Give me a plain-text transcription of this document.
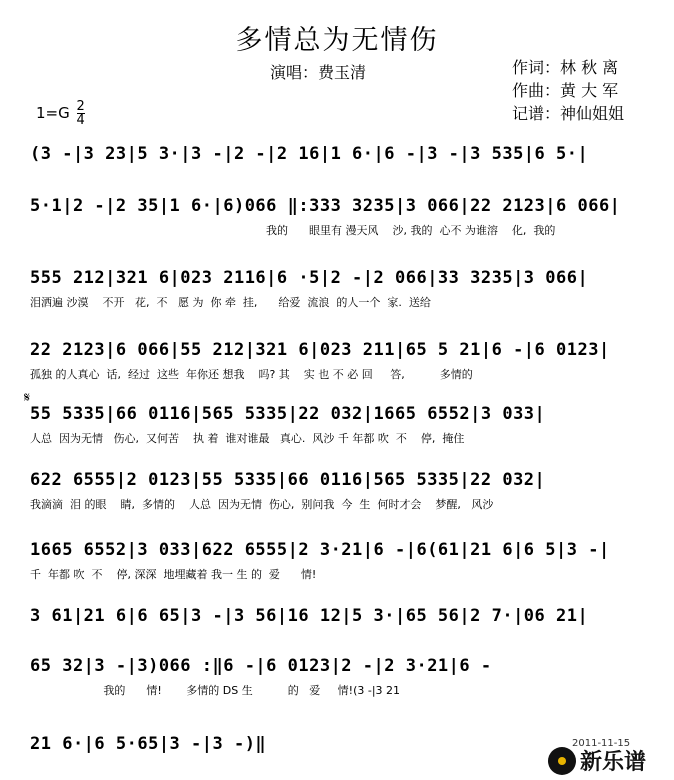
多情总为无情伤
演唱：费玉清	作词：林 秋 离
作曲：黄 大 军
记谱：神仙姐姐
$1=G \frac{2}{4}$
𝄋
(3 -|3 23|5 3·|3 -|2 -|2 16|1 6·|6 -|3 -|3 535|6 5·|
5·1|2 -|2 35|1 6·|6)066 ‖:333 3235|3 066|22 2123|6 066|
我的      眼里有 漫天风    沙, 我的  心不 为谁溶    化,  我的
555 212|321 6|023 2116|6 ·5|2 -|2 066|33 3235|3 066|
泪洒遍 沙漠    不开   花,  不   愿 为  你 牵  挂,      给爱  流浪  的人一个  家.  送给
22 2123|6 066|55 212|321 6|023 211|65 5 21|6 -|6 0123|
孤独 的人真心  话,  经过  这些  年你还 想我    吗? 其    实 也 不 必 回     答,          多情的
55 5335|66 0116|565 5335|22 032|1665 6552|3 033|
人总  因为无情   伤心,  又何苦    执 着  谁对谁最   真心.  风沙 千 年都 吹  不    停,  掩住
622 6555|2 0123|55 5335|66 0116|565 5335|22 032|
我滴滴  泪 的眼    睛,  多情的    人总  因为无情  伤心,  别问我  今  生  何时才会    梦醒,   风沙
1665 6552|3 033|622 6555|2 3·21|6 -|6(61|21 6|6 5|3 -|
千  年都 吹  不    停, 深深  地埋藏着 我一 生 的  爱      情!
3 61|21 6|6 65|3 -|3 56|16 12|5 3·|65 56|2 7·|06 21|
65 32|3 -|3)066 :‖6 -|6 0123|2 -|2 3·21|6 -
我的      情!       多情的 DS 生          的   爱     情!(3 -|3 21
21 6·|6 5·65|3 -|3 -)‖	2011-11-15
新乐谱
